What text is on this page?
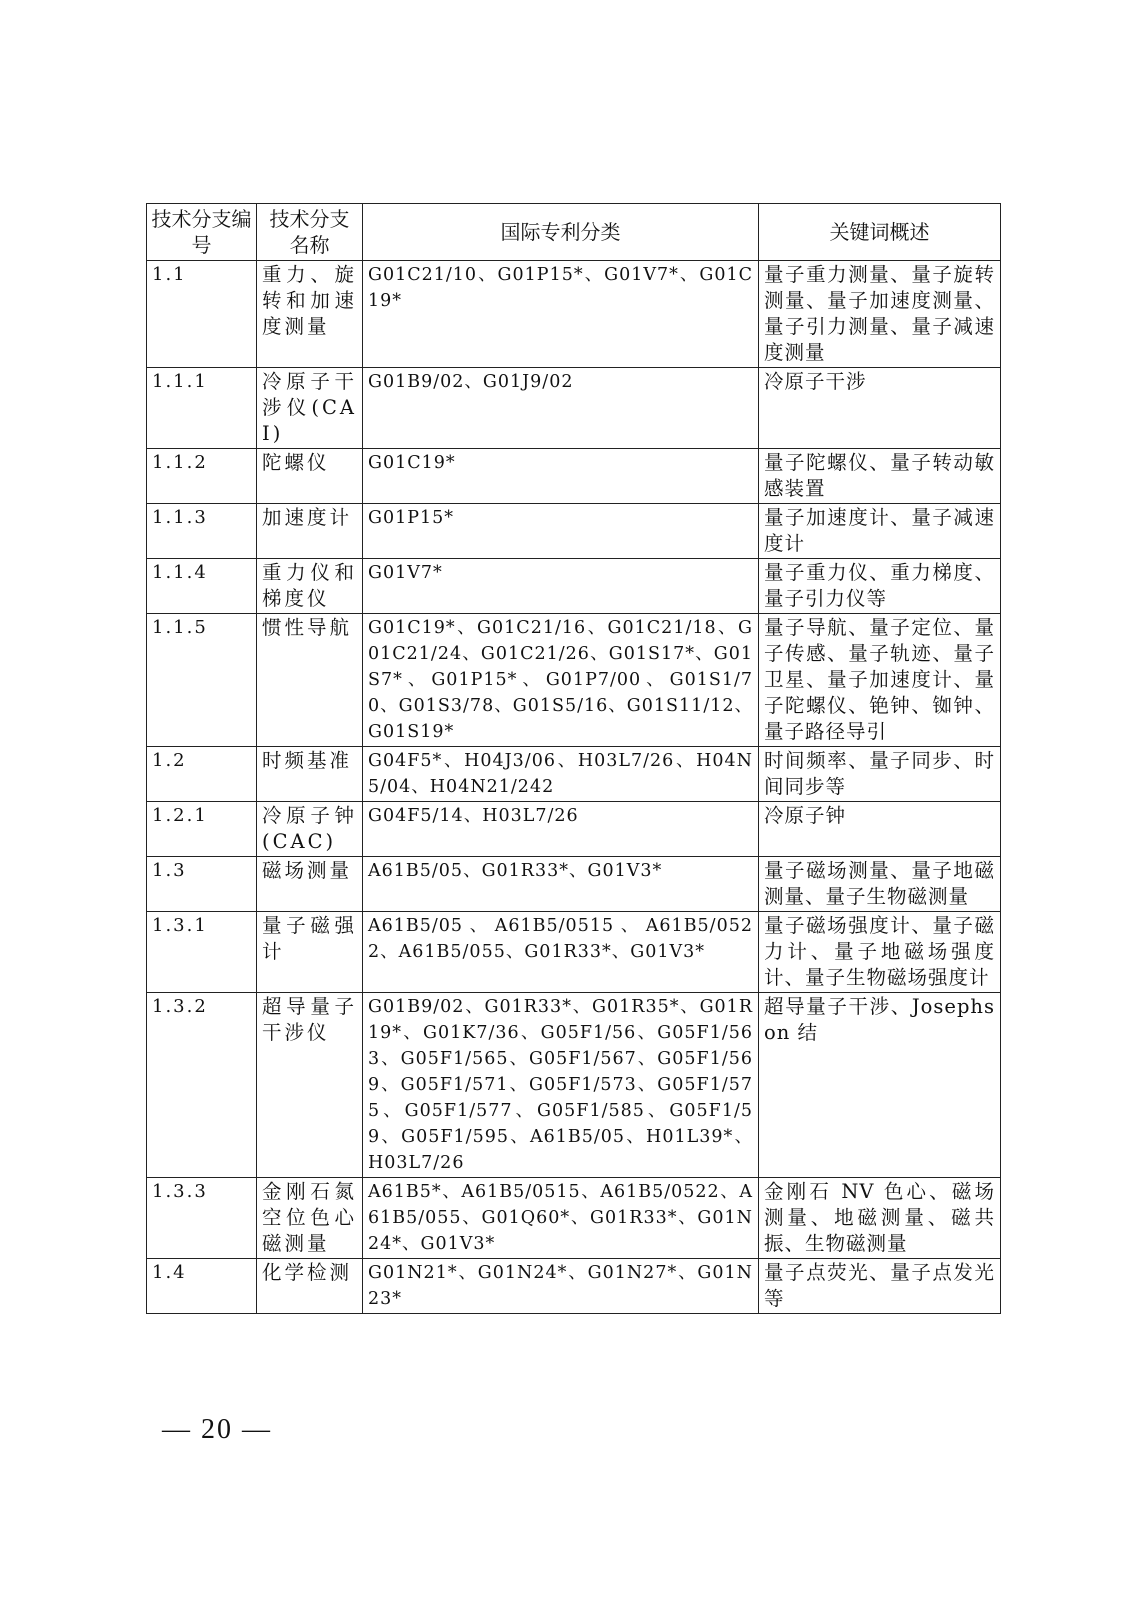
技术分支编号	技术分支名称	国际专利分类	关键词概述
1.1	重力、旋转和加速度测量	G01C21/10、G01P15*、G01V7*、G01C19*	量子重力测量、量子旋转测量、量子加速度测量、量子引力测量、量子减速度测量
1.1.1	冷原子干涉仪(CAI)	G01B9/02、G01J9/02	冷原子干涉
1.1.2	陀螺仪	G01C19*	量子陀螺仪、量子转动敏感装置
1.1.3	加速度计	G01P15*	量子加速度计、量子减速度计
1.1.4	重力仪和梯度仪	G01V7*	量子重力仪、重力梯度、量子引力仪等
1.1.5	惯性导航	G01C19*、G01C21/16、G01C21/18、G01C21/24、G01C21/26、G01S17*、G01S7*、G01P15*、G01P7/00、G01S1/70、G01S3/78、G01S5/16、G01S11/12、G01S19*	量子导航、量子定位、量子传感、量子轨迹、量子卫星、量子加速度计、量子陀螺仪、铯钟、铷钟、量子路径导引
1.2	时频基准	G04F5*、H04J3/06、H03L7/26、H04N5/04、H04N21/242	时间频率、量子同步、时间同步等
1.2.1	冷原子钟(CAC)	G04F5/14、H03L7/26	冷原子钟
1.3	磁场测量	A61B5/05、G01R33*、G01V3*	量子磁场测量、量子地磁测量、量子生物磁测量
1.3.1	量子磁强计	A61B5/05、A61B5/0515、A61B5/0522、A61B5/055、G01R33*、G01V3*	量子磁场强度计、量子磁力计、量子地磁场强度计、量子生物磁场强度计
1.3.2	超导量子干涉仪	G01B9/02、G01R33*、G01R35*、G01R19*、G01K7/36、G05F1/56、G05F1/563、G05F1/565、G05F1/567、G05F1/569、G05F1/571、G05F1/573、G05F1/575、G05F1/577、G05F1/585、G05F1/59、G05F1/595、A61B5/05、H01L39*、H03L7/26	超导量子干涉、Josephson 结
1.3.3	金刚石氮空位色心磁测量	A61B5*、A61B5/0515、A61B5/0522、A61B5/055、G01Q60*、G01R33*、G01N24*、G01V3*	金刚石 NV 色心、磁场测量、地磁测量、磁共振、生物磁测量
1.4	化学检测	G01N21*、G01N24*、G01N27*、G01N23*	量子点荧光、量子点发光等
— 20 —
